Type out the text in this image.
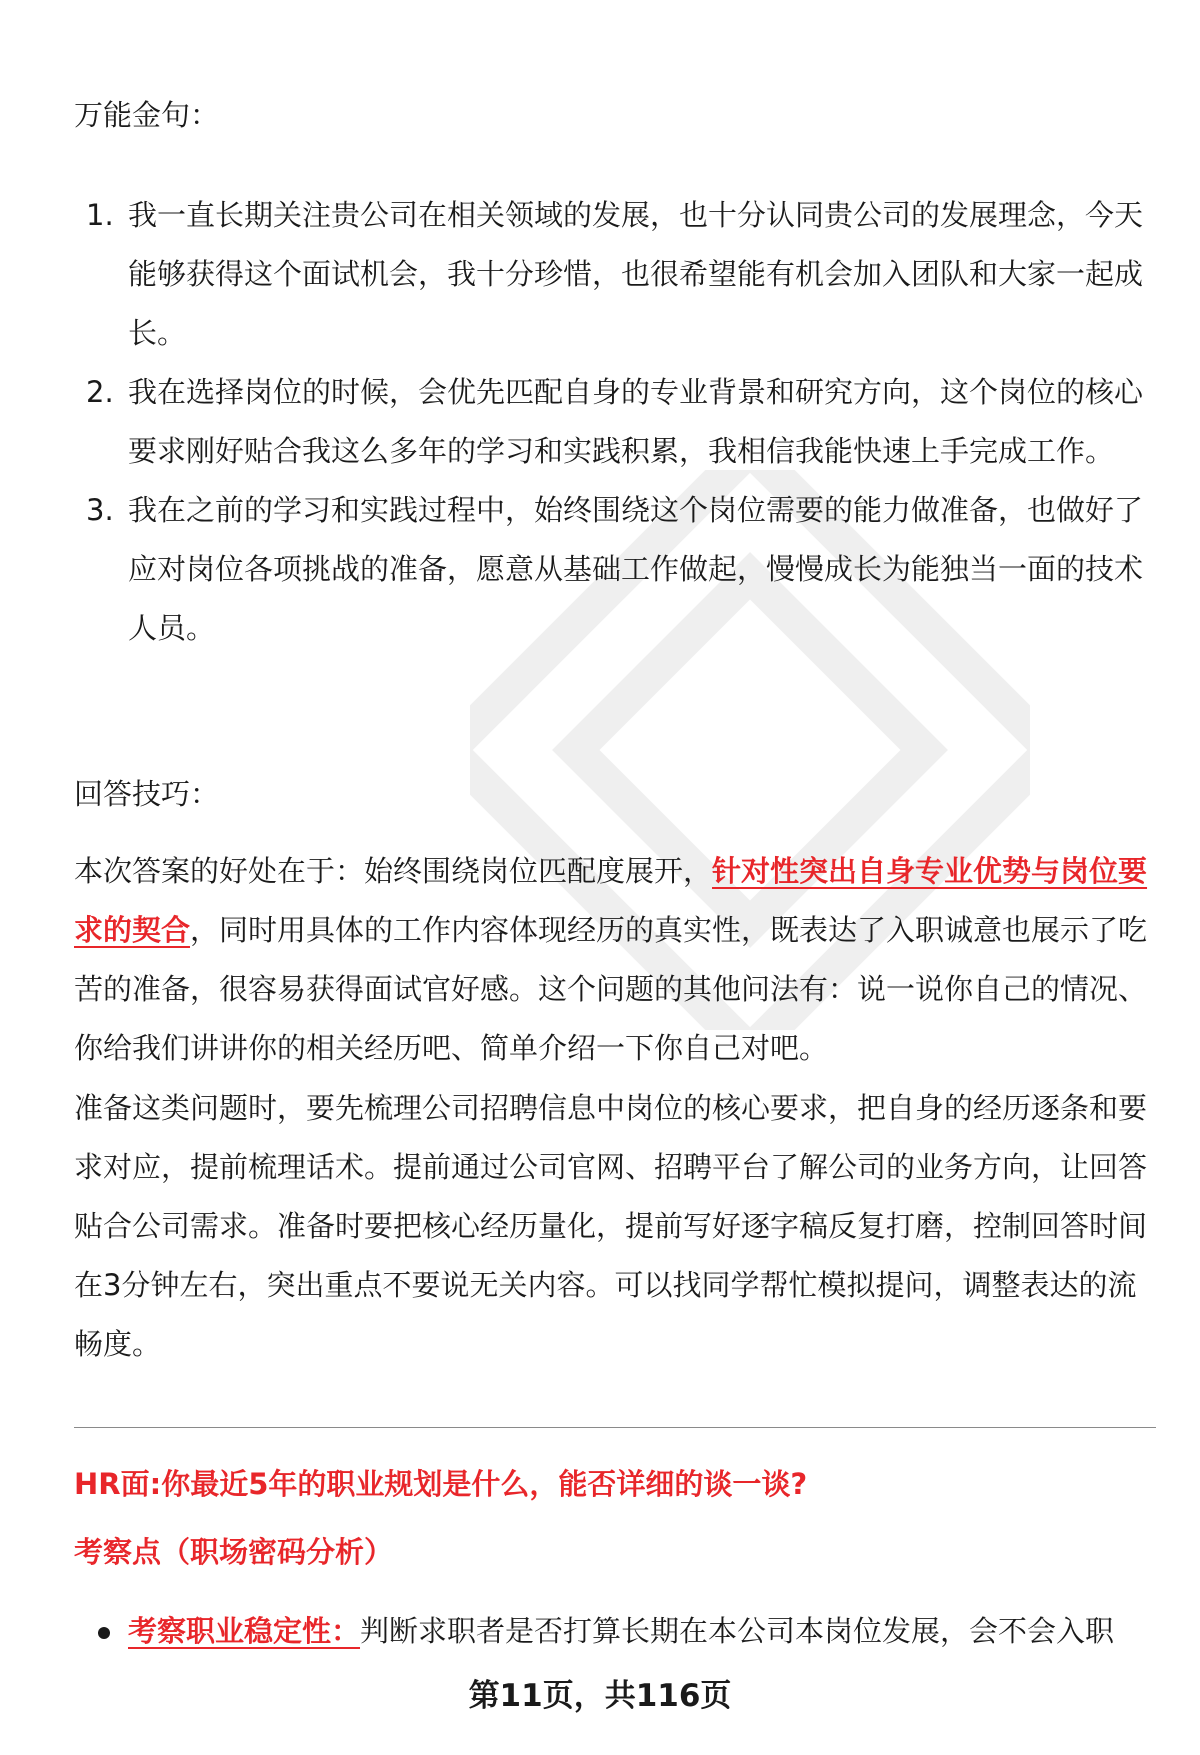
万能金句：

1. 我一直长期关注贵公司在相关领域的发展，也十分认同贵公司的发展理念，今天能够获得这个面试机会，我十分珍惜，也很希望能有机会加入团队和大家一起成长。
2. 我在选择岗位的时候，会优先匹配自身的专业背景和研究方向，这个岗位的核心要求刚好贴合我这么多年的学习和实践积累，我相信我能快速上手完成工作。
3. 我在之前的学习和实践过程中，始终围绕这个岗位需要的能力做准备，也做好了应对岗位各项挑战的准备，愿意从基础工作做起，慢慢成长为能独当一面的技术人员。

回答技巧：

本次答案的好处在于：始终围绕岗位匹配度展开，针对性突出自身专业优势与岗位要求的契合，同时用具体的工作内容体现经历的真实性，既表达了入职诚意也展示了吃苦的准备，很容易获得面试官好感。这个问题的其他问法有：说一说你自己的情况、你给我们讲讲你的相关经历吧、简单介绍一下你自己对吧。

准备这类问题时，要先梳理公司招聘信息中岗位的核心要求，把自身的经历逐条和要求对应，提前梳理话术。提前通过公司官网、招聘平台了解公司的业务方向，让回答贴合公司需求。准备时要把核心经历量化，提前写好逐字稿反复打磨，控制回答时间在3分钟左右，突出重点不要说无关内容。可以找同学帮忙模拟提问，调整表达的流畅度。

HR面:你最近5年的职业规划是什么，能否详细的谈一谈?

考察点（职场密码分析）

考察职业稳定性：判断求职者是否打算长期在本公司本岗位发展，会不会入职
第11页，共116页
